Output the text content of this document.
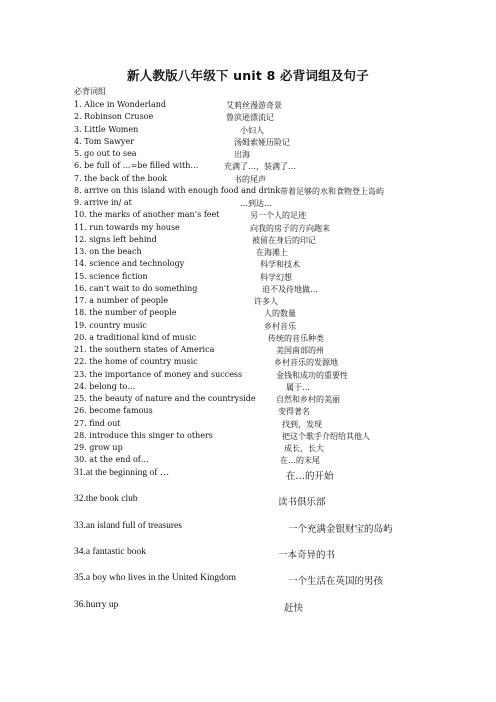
新人教版八年级下 unit 8 必背词组及句子
必背词组
1. Alice in Wonderland	艾莉丝漫游奇景
2. Robinson Crusoe	鲁滨逊漂流记
3. Little Women	小妇人
4. Tom Sawyer	汤姆索娅历险记
5. go out to sea	出海
6. be full of …=be filled with…	充满了…，装满了…
7. the back of the book	书的尾声
8. arrive on this island with enough food and drink 带着足够的水和食物登上岛屿
9. arrive in/ at	…到达…
10. the marks of another man’s feet	另一个人的足迹
11. run towards my house	向我的房子的方向跑来
12. signs left behind	被留在身后的印记
13. on the beach	在海滩上
14. science and technology	科学和技术
15. science fiction	科学幻想
16. can’t wait to do something	迫不及待地做…
17. a number of people	许多人
18. the number of people	人的数量
19. country music	乡村音乐
20. a traditional kind of music	传统的音乐种类
21. the southern states of America	美国南部的州
22. the home of country music	乡村音乐的发源地
23. the importance of money and success	金钱和成功的重要性
24. belong to…	属于…
25. the beauty of nature and the countryside	自然和乡村的美丽
26. become famous	变得著名
27. find out	找到，发现
28. introduce this singer to others	把这个歌手介绍给其他人
29. grow up	成长，长大
30. at the end of…	在…的末尾
31.at the beginning of …	在…的开始
32.the book club	读书俱乐部
33.an island full of treasures	一个充满金银财宝的岛屿
34.a fantastic book	一本奇异的书
35.a boy who lives in the United Kingdom	一个生活在英国的男孩
36.hurry up	赶快
